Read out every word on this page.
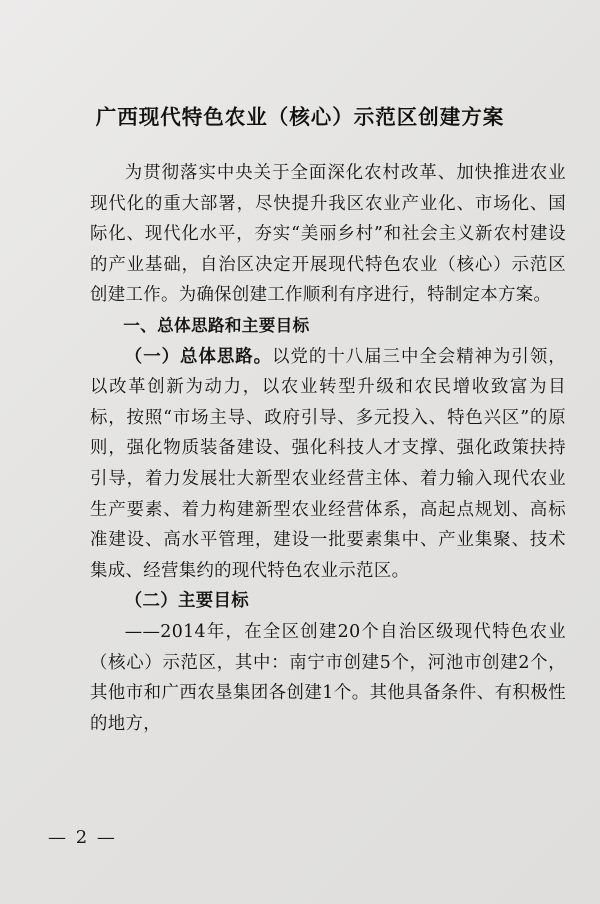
广西现代特色农业（核心）示范区创建方案

为贯彻落实中央关于全面深化农村改革、加快推进农业现代化的重大部署，尽快提升我区农业产业化、市场化、国际化、现代化水平，夯实“美丽乡村”和社会主义新农村建设的产业基础，自治区决定开展现代特色农业（核心）示范区创建工作。为确保创建工作顺利有序进行，特制定本方案。

一、总体思路和主要目标

（一）总体思路。以党的十八届三中全会精神为引领，以改革创新为动力，以农业转型升级和农民增收致富为目标，按照“市场主导、政府引导、多元投入、特色兴区”的原则，强化物质装备建设、强化科技人才支撑、强化政策扶持引导，着力发展壮大新型农业经营主体、着力输入现代农业生产要素、着力构建新型农业经营体系，高起点规划、高标准建设、高水平管理，建设一批要素集中、产业集聚、技术集成、经营集约的现代特色农业示范区。

（二）主要目标

——2014年，在全区创建20个自治区级现代特色农业（核心）示范区，其中：南宁市创建5个，河池市创建2个，其他市和广西农垦集团各创建1个。其他具备条件、有积极性的地方，

— 2 —
